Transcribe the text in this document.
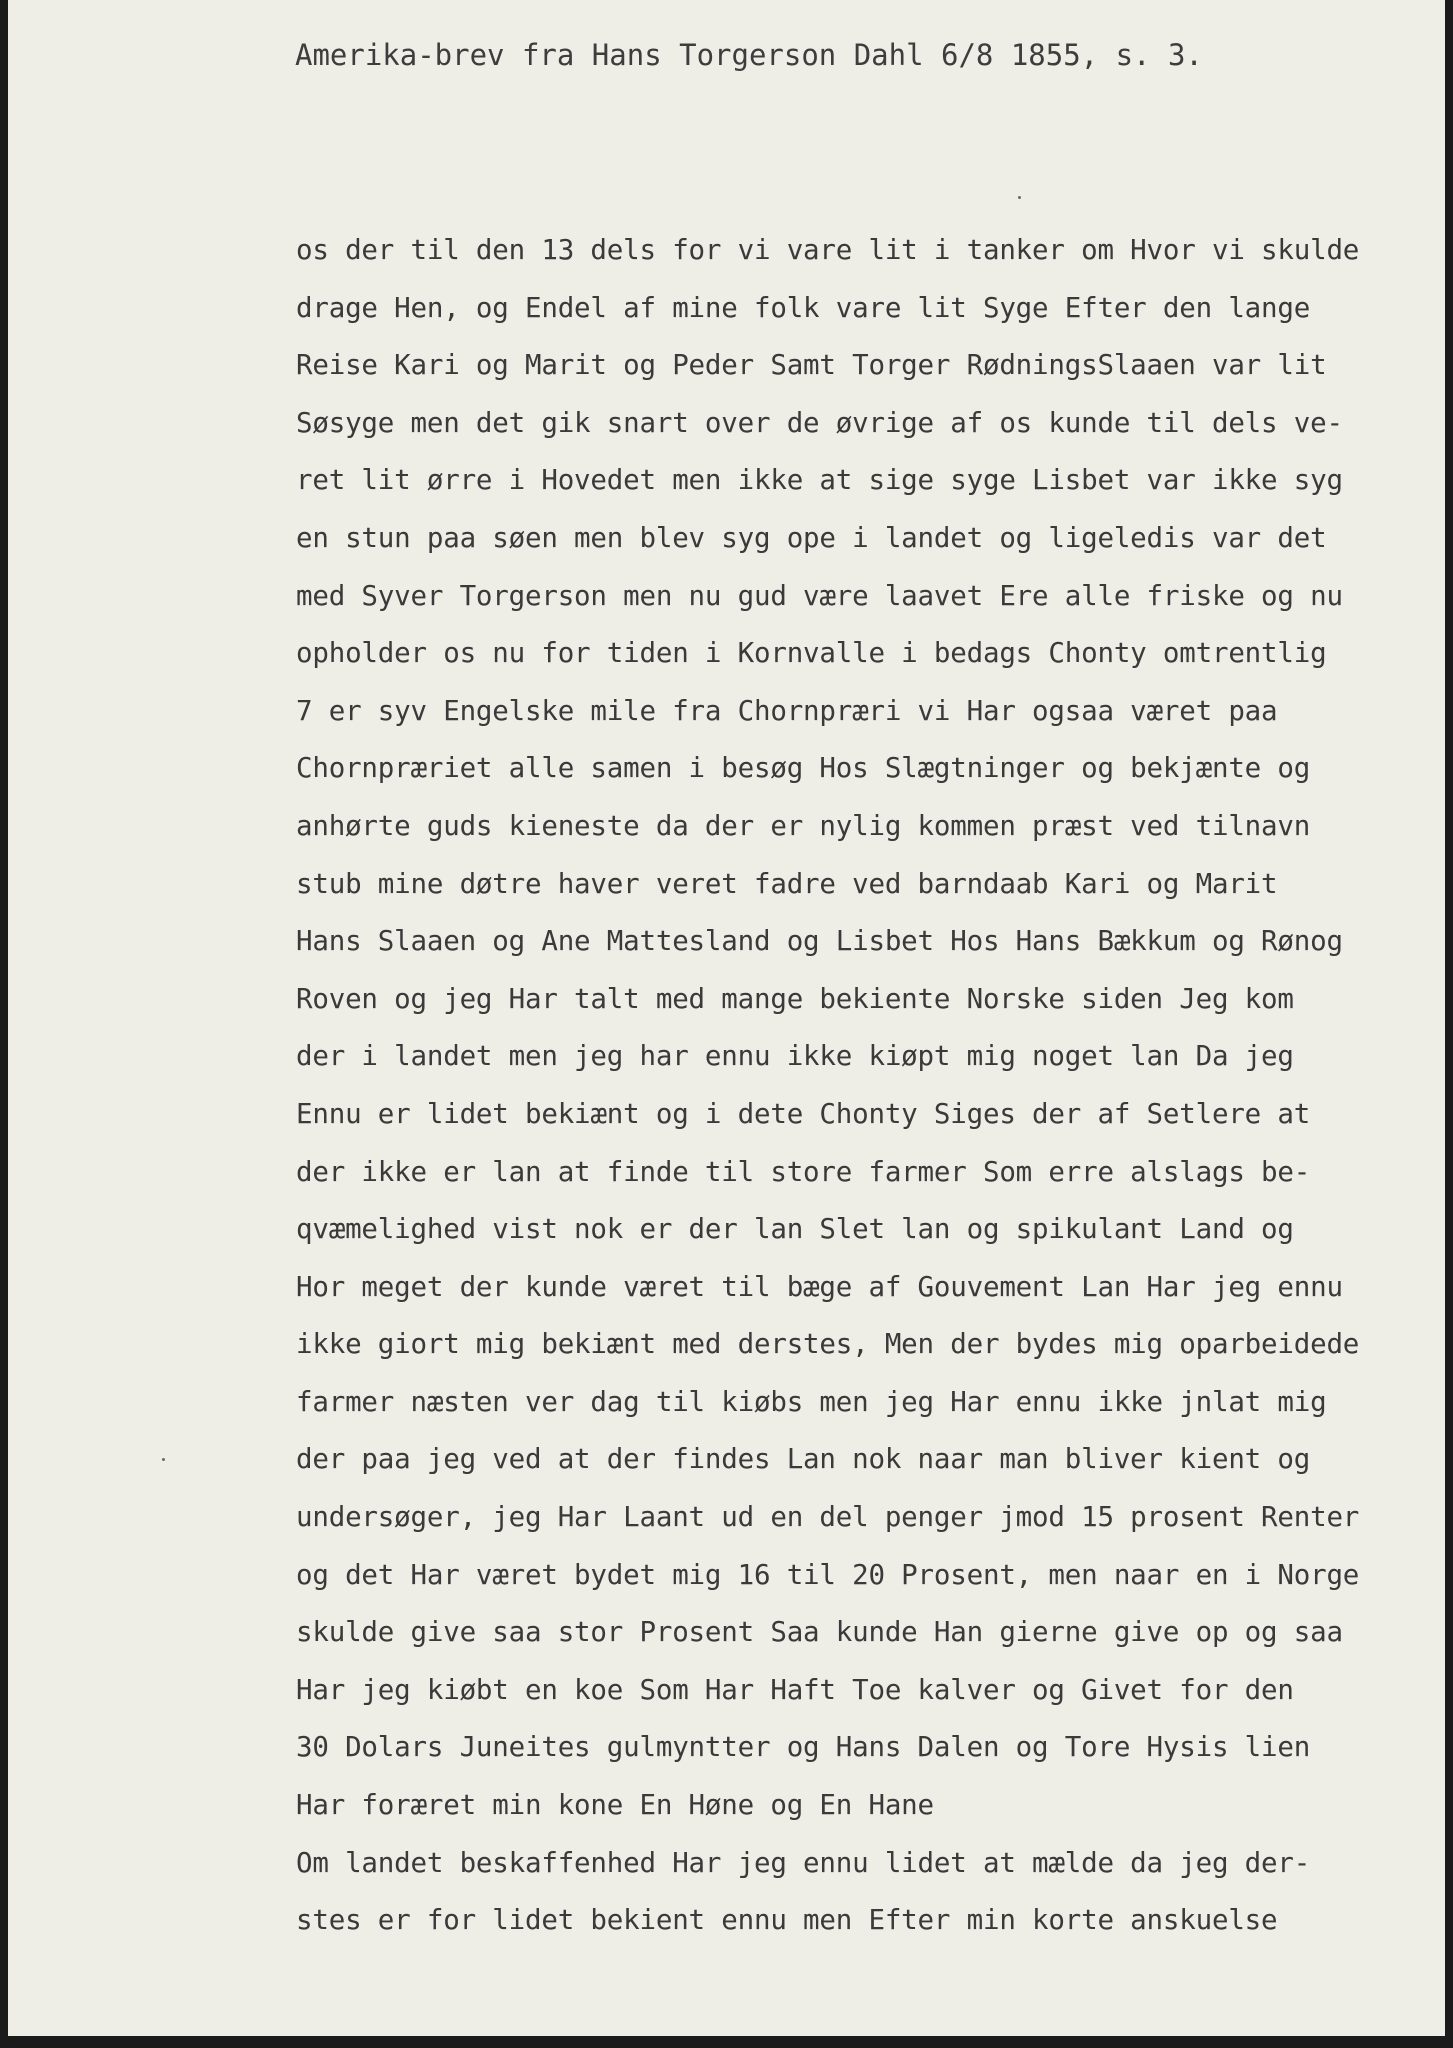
Amerika-brev fra Hans Torgerson Dahl 6/8 1855, s. 3.
os der til den 13 dels for vi vare lit i tanker om Hvor vi skulde
drage Hen, og Endel af mine folk vare lit Syge Efter den lange
Reise Kari og Marit og Peder Samt Torger RødningsSlaaen var lit
Søsyge men det gik snart over de øvrige af os kunde til dels ve-
ret lit ørre i Hovedet men ikke at sige syge Lisbet var ikke syg
en stun paa søen men blev syg ope i landet og ligeledis var det
med Syver Torgerson men nu gud være laavet Ere alle friske og nu
opholder os nu for tiden i Kornvalle i bedags Chonty omtrentlig
7 er syv Engelske mile fra Chornpræri vi Har ogsaa været paa
Chornpræriet alle samen i besøg Hos Slægtninger og bekjænte og
anhørte guds kieneste da der er nylig kommen præst ved tilnavn
stub mine døtre haver veret fadre ved barndaab Kari og Marit
Hans Slaaen og Ane Mattesland og Lisbet Hos Hans Bækkum og Rønog
Roven og jeg Har talt med mange bekiente Norske siden Jeg kom
der i landet men jeg har ennu ikke kiøpt mig noget lan Da jeg
Ennu er lidet bekiænt og i dete Chonty Siges der af Setlere at
der ikke er lan at finde til store farmer Som erre alslags be-
qvæmelighed vist nok er der lan Slet lan og spikulant Land og
Hor meget der kunde været til bæge af Gouvement Lan Har jeg ennu
ikke giort mig bekiænt med derstes, Men der bydes mig oparbeidede
farmer næsten ver dag til kiøbs men jeg Har ennu ikke jnlat mig
der paa jeg ved at der findes Lan nok naar man bliver kient og
undersøger, jeg Har Laant ud en del penger jmod 15 prosent Renter
og det Har været bydet mig 16 til 20 Prosent, men naar en i Norge
skulde give saa stor Prosent Saa kunde Han gierne give op og saa
Har jeg kiøbt en koe Som Har Haft Toe kalver og Givet for den
30 Dolars Juneites gulmyntter og Hans Dalen og Tore Hysis lien
Har foræret min kone En Høne og En Hane
Om landet beskaffenhed Har jeg ennu lidet at mælde da jeg der-
stes er for lidet bekient ennu men Efter min korte anskuelse
